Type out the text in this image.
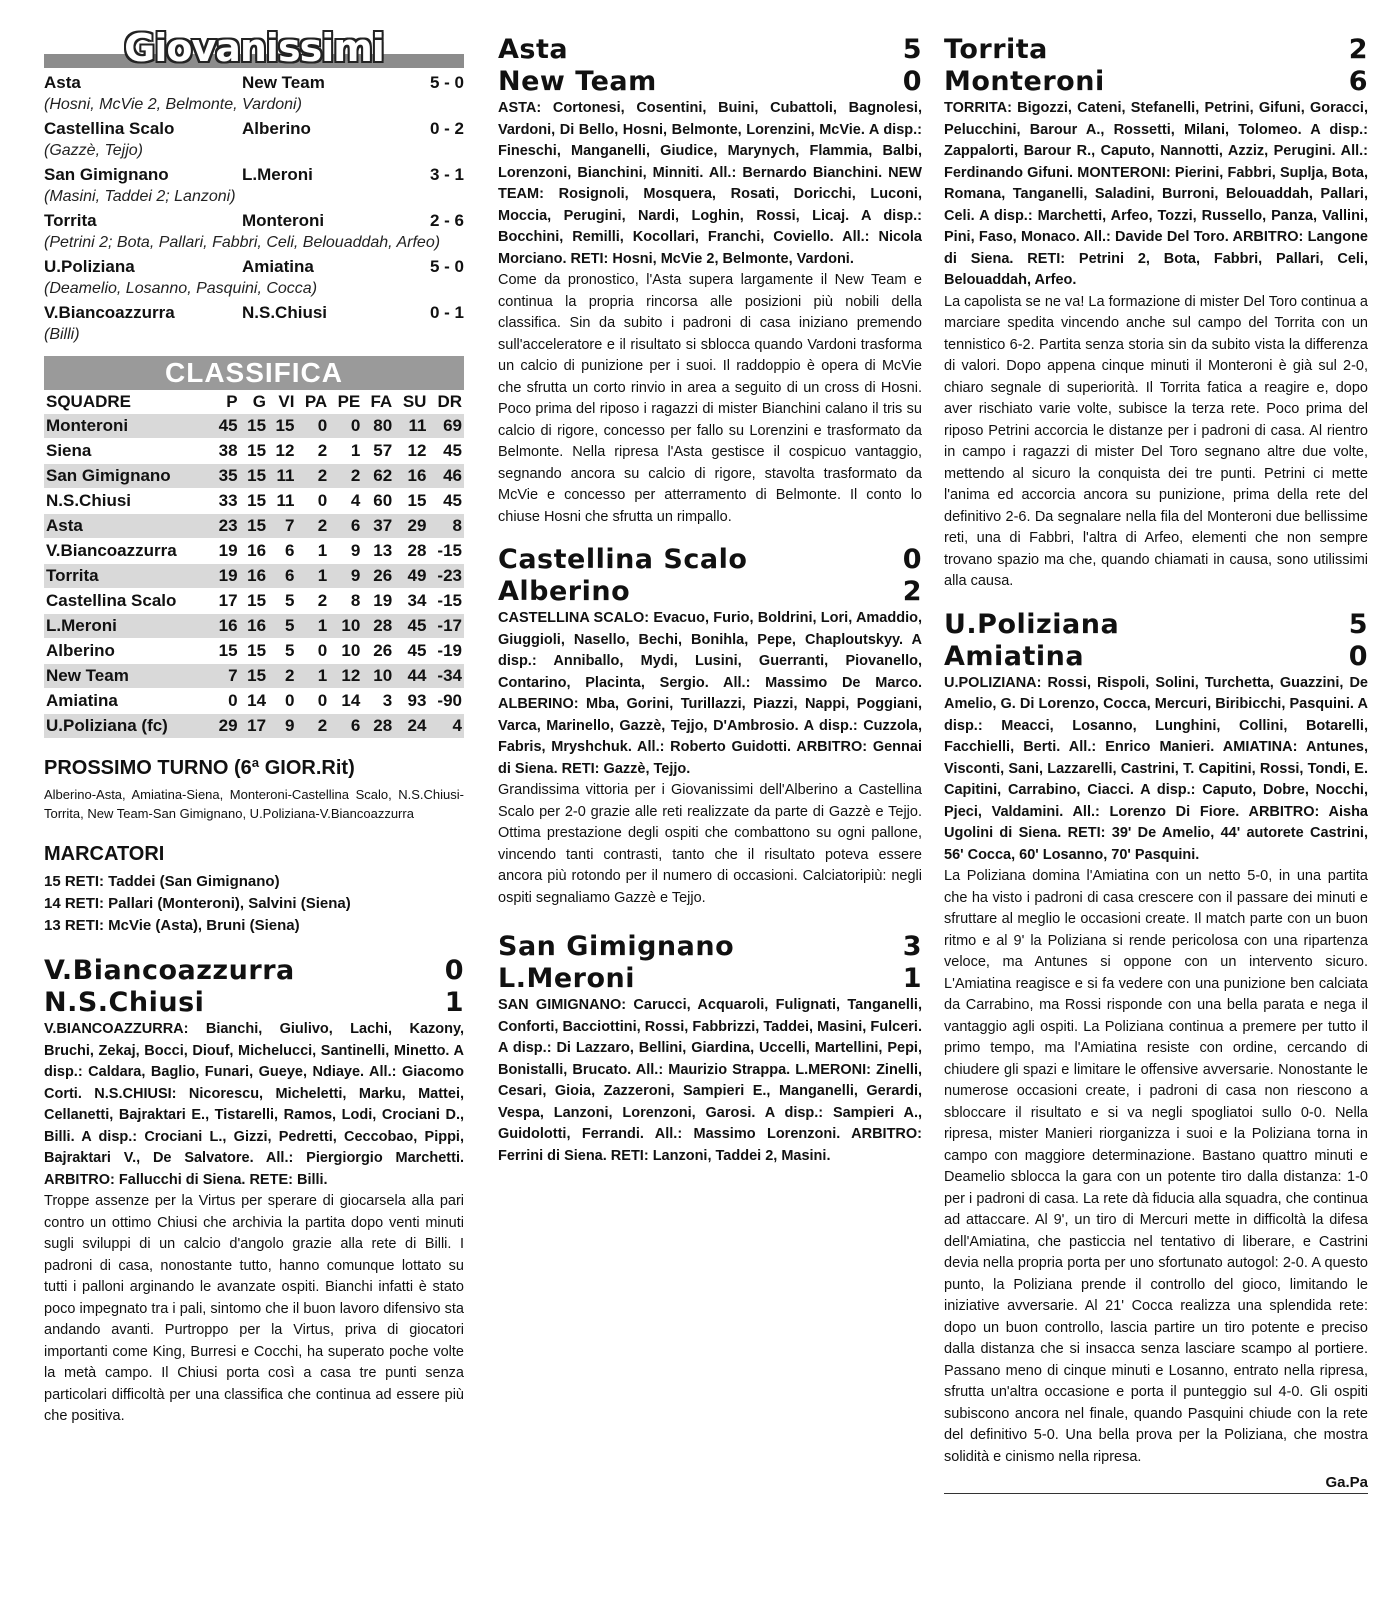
Giovanissimi
Asta	New Team	5 - 0
(Hosni, McVie 2, Belmonte, Vardoni)
Castellina Scalo	Alberino	0 - 2
(Gazzè, Tejjo)
San Gimignano	L.Meroni	3 - 1
(Masini, Taddei 2; Lanzoni)
Torrita	Monteroni	2 - 6
(Petrini 2; Bota, Pallari, Fabbri, Celi, Belouaddah, Arfeo)
U.Poliziana	Amiatina	5 - 0
(Deamelio, Losanno, Pasquini, Cocca)
V.Biancoazzurra	N.S.Chiusi	0 - 1
(Billi)
CLASSIFICA
SQUADRE	P	G	VI	PA	PE	FA	SU	DR
Monteroni	45	15	15	0	0	80	11	69
Siena	38	15	12	2	1	57	12	45
San Gimignano	35	15	11	2	2	62	16	46
N.S.Chiusi	33	15	11	0	4	60	15	45
Asta	23	15	7	2	6	37	29	8
V.Biancoazzurra	19	16	6	1	9	13	28	-15
Torrita	19	16	6	1	9	26	49	-23
Castellina Scalo	17	15	5	2	8	19	34	-15
L.Meroni	16	16	5	1	10	28	45	-17
Alberino	15	15	5	0	10	26	45	-19
New Team	7	15	2	1	12	10	44	-34
Amiatina	0	14	0	0	14	3	93	-90
U.Poliziana (fc)	29	17	9	2	6	28	24	4
PROSSIMO TURNO (6ª GIOR.Rit)
Alberino-Asta, Amiatina-Siena, Monteroni-Castellina Scalo, N.S.Chiusi-Torrita, New Team-San Gimignano, U.Poliziana-V.Biancoazzurra
MARCATORI
15 RETI: Taddei (San Gimignano)
14 RETI: Pallari (Monteroni), Salvini (Siena)
13 RETI: McVie (Asta), Bruni (Siena)
V.Biancoazzurra	0
N.S.Chiusi	1
V.BIANCOAZZURRA: Bianchi, Giulivo, Lachi, Kazony, Bruchi, Zekaj, Bocci, Diouf, Michelucci, Santinelli, Minetto. A disp.: Caldara, Baglio, Funari, Gueye, Ndiaye. All.: Giacomo Corti. N.S.CHIUSI: Nicorescu, Micheletti, Marku, Mattei, Cellanetti, Bajraktari E., Tistarelli, Ramos, Lodi, Crociani D., Billi. A disp.: Crociani L., Gizzi, Pedretti, Ceccobao, Pippi, Bajraktari V., De Salvatore. All.: Piergiorgio Marchetti. ARBITRO: Fallucchi di Siena. RETE: Billi.
Troppe assenze per la Virtus per sperare di giocarsela alla pari contro un ottimo Chiusi che archivia la partita dopo venti minuti sugli sviluppi di un calcio d'angolo grazie alla rete di Billi. I padroni di casa, nonostante tutto, hanno comunque lottato su tutti i palloni arginando le avanzate ospiti. Bianchi infatti è stato poco impegnato tra i pali, sintomo che il buon lavoro difensivo sta andando avanti. Purtroppo per la Virtus, priva di giocatori importanti come King, Burresi e Cocchi, ha superato poche volte la metà campo. Il Chiusi porta così a casa tre punti senza particolari difficoltà per una classifica che continua ad essere più che positiva.
Asta	5
New Team	0
ASTA: Cortonesi, Cosentini, Buini, Cubattoli, Bagnolesi, Vardoni, Di Bello, Hosni, Belmonte, Lorenzini, McVie. A disp.: Fineschi, Manganelli, Giudice, Marynych, Flammia, Balbi, Lorenzoni, Bianchini, Minniti. All.: Bernardo Bianchini. NEW TEAM: Rosignoli, Mosquera, Rosati, Doricchi, Luconi, Moccia, Perugini, Nardi, Loghin, Rossi, Licaj. A disp.: Bocchini, Remilli, Kocollari, Franchi, Coviello. All.: Nicola Morciano. RETI: Hosni, McVie 2, Belmonte, Vardoni.
Come da pronostico, l'Asta supera largamente il New Team e continua la propria rincorsa alle posizioni più nobili della classifica. Sin da subito i padroni di casa iniziano premendo sull'acceleratore e il risultato si sblocca quando Vardoni trasforma un calcio di punizione per i suoi. Il raddoppio è opera di McVie che sfrutta un corto rinvio in area a seguito di un cross di Hosni. Poco prima del riposo i ragazzi di mister Bianchini calano il tris su calcio di rigore, concesso per fallo su Lorenzini e trasformato da Belmonte. Nella ripresa l'Asta gestisce il cospicuo vantaggio, segnando ancora su calcio di rigore, stavolta trasformato da McVie e concesso per atterramento di Belmonte. Il conto lo chiuse Hosni che sfrutta un rimpallo.
Castellina Scalo	0
Alberino	2
CASTELLINA SCALO: Evacuo, Furio, Boldrini, Lori, Amaddio, Giuggioli, Nasello, Bechi, Bonihla, Pepe, Chaploutskyy. A disp.: Anniballo, Mydi, Lusini, Guerranti, Piovanello, Contarino, Placinta, Sergio. All.: Massimo De Marco. ALBERINO: Mba, Gorini, Turillazzi, Piazzi, Nappi, Poggiani, Varca, Marinello, Gazzè, Tejjo, D'Ambrosio. A disp.: Cuzzola, Fabris, Mryshchuk. All.: Roberto Guidotti. ARBITRO: Gennai di Siena. RETI: Gazzè, Tejjo.
Grandissima vittoria per i Giovanissimi dell'Alberino a Castellina Scalo per 2-0 grazie alle reti realizzate da parte di Gazzè e Tejjo. Ottima prestazione degli ospiti che combattono su ogni pallone, vincendo tanti contrasti, tanto che il risultato poteva essere ancora più rotondo per il numero di occasioni. Calciatoripiù: negli ospiti segnaliamo Gazzè e Tejjo.
San Gimignano	3
L.Meroni	1
SAN GIMIGNANO: Carucci, Acquaroli, Fulignati, Tanganelli, Conforti, Bacciottini, Rossi, Fabbrizzi, Taddei, Masini, Fulceri. A disp.: Di Lazzaro, Bellini, Giardina, Uccelli, Martellini, Pepi, Bonistalli, Brucato. All.: Maurizio Strappa. L.MERONI: Zinelli, Cesari, Gioia, Zazzeroni, Sampieri E., Manganelli, Gerardi, Vespa, Lanzoni, Lorenzoni, Garosi. A disp.: Sampieri A., Guidolotti, Ferrandi. All.: Massimo Lorenzoni. ARBITRO: Ferrini di Siena. RETI: Lanzoni, Taddei 2, Masini.
Torrita	2
Monteroni	6
TORRITA: Bigozzi, Cateni, Stefanelli, Petrini, Gifuni, Goracci, Pelucchini, Barour A., Rossetti, Milani, Tolomeo. A disp.: Zappalorti, Barour R., Caputo, Nannotti, Azziz, Perugini. All.: Ferdinando Gifuni. MONTERONI: Pierini, Fabbri, Suplja, Bota, Romana, Tanganelli, Saladini, Burroni, Belouaddah, Pallari, Celi. A disp.: Marchetti, Arfeo, Tozzi, Russello, Panza, Vallini, Pini, Faso, Monaco. All.: Davide Del Toro. ARBITRO: Langone di Siena. RETI: Petrini 2, Bota, Fabbri, Pallari, Celi, Belouaddah, Arfeo.
La capolista se ne va! La formazione di mister Del Toro continua a marciare spedita vincendo anche sul campo del Torrita con un tennistico 6-2. Partita senza storia sin da subito vista la differenza di valori. Dopo appena cinque minuti il Monteroni è già sul 2-0, chiaro segnale di superiorità. Il Torrita fatica a reagire e, dopo aver rischiato varie volte, subisce la terza rete. Poco prima del riposo Petrini accorcia le distanze per i padroni di casa. Al rientro in campo i ragazzi di mister Del Toro segnano altre due volte, mettendo al sicuro la conquista dei tre punti. Petrini ci mette l'anima ed accorcia ancora su punizione, prima della rete del definitivo 2-6. Da segnalare nella fila del Monteroni due bellissime reti, una di Fabbri, l'altra di Arfeo, elementi che non sempre trovano spazio ma che, quando chiamati in causa, sono utilissimi alla causa.
U.Poliziana	5
Amiatina	0
U.POLIZIANA: Rossi, Rispoli, Solini, Turchetta, Guazzini, De Amelio, G. Di Lorenzo, Cocca, Mercuri, Biribicchi, Pasquini. A disp.: Meacci, Losanno, Lunghini, Collini, Botarelli, Facchielli, Berti. All.: Enrico Manieri. AMIATINA: Antunes, Visconti, Sani, Lazzarelli, Castrini, T. Capitini, Rossi, Tondi, E. Capitini, Carrabino, Ciacci. A disp.: Caputo, Dobre, Nocchi, Pjeci, Valdamini. All.: Lorenzo Di Fiore. ARBITRO: Aisha Ugolini di Siena. RETI: 39' De Amelio, 44' autorete Castrini, 56' Cocca, 60' Losanno, 70' Pasquini.
La Poliziana domina l'Amiatina con un netto 5-0, in una partita che ha visto i padroni di casa crescere con il passare dei minuti e sfruttare al meglio le occasioni create. Il match parte con un buon ritmo e al 9' la Poliziana si rende pericolosa con una ripartenza veloce, ma Antunes si oppone con un intervento sicuro. L'Amiatina reagisce e si fa vedere con una punizione ben calciata da Carrabino, ma Rossi risponde con una bella parata e nega il vantaggio agli ospiti. La Poliziana continua a premere per tutto il primo tempo, ma l'Amiatina resiste con ordine, cercando di chiudere gli spazi e limitare le offensive avversarie. Nonostante le numerose occasioni create, i padroni di casa non riescono a sbloccare il risultato e si va negli spogliatoi sullo 0-0. Nella ripresa, mister Manieri riorganizza i suoi e la Poliziana torna in campo con maggiore determinazione. Bastano quattro minuti e Deamelio sblocca la gara con un potente tiro dalla distanza: 1-0 per i padroni di casa. La rete dà fiducia alla squadra, che continua ad attaccare. Al 9', un tiro di Mercuri mette in difficoltà la difesa dell'Amiatina, che pasticcia nel tentativo di liberare, e Castrini devia nella propria porta per uno sfortunato autogol: 2-0. A questo punto, la Poliziana prende il controllo del gioco, limitando le iniziative avversarie. Al 21' Cocca realizza una splendida rete: dopo un buon controllo, lascia partire un tiro potente e preciso dalla distanza che si insacca senza lasciare scampo al portiere. Passano meno di cinque minuti e Losanno, entrato nella ripresa, sfrutta un'altra occasione e porta il punteggio sul 4-0. Gli ospiti subiscono ancora nel finale, quando Pasquini chiude con la rete del definitivo 5-0. Una bella prova per la Poliziana, che mostra solidità e cinismo nella ripresa.
Ga.Pa
